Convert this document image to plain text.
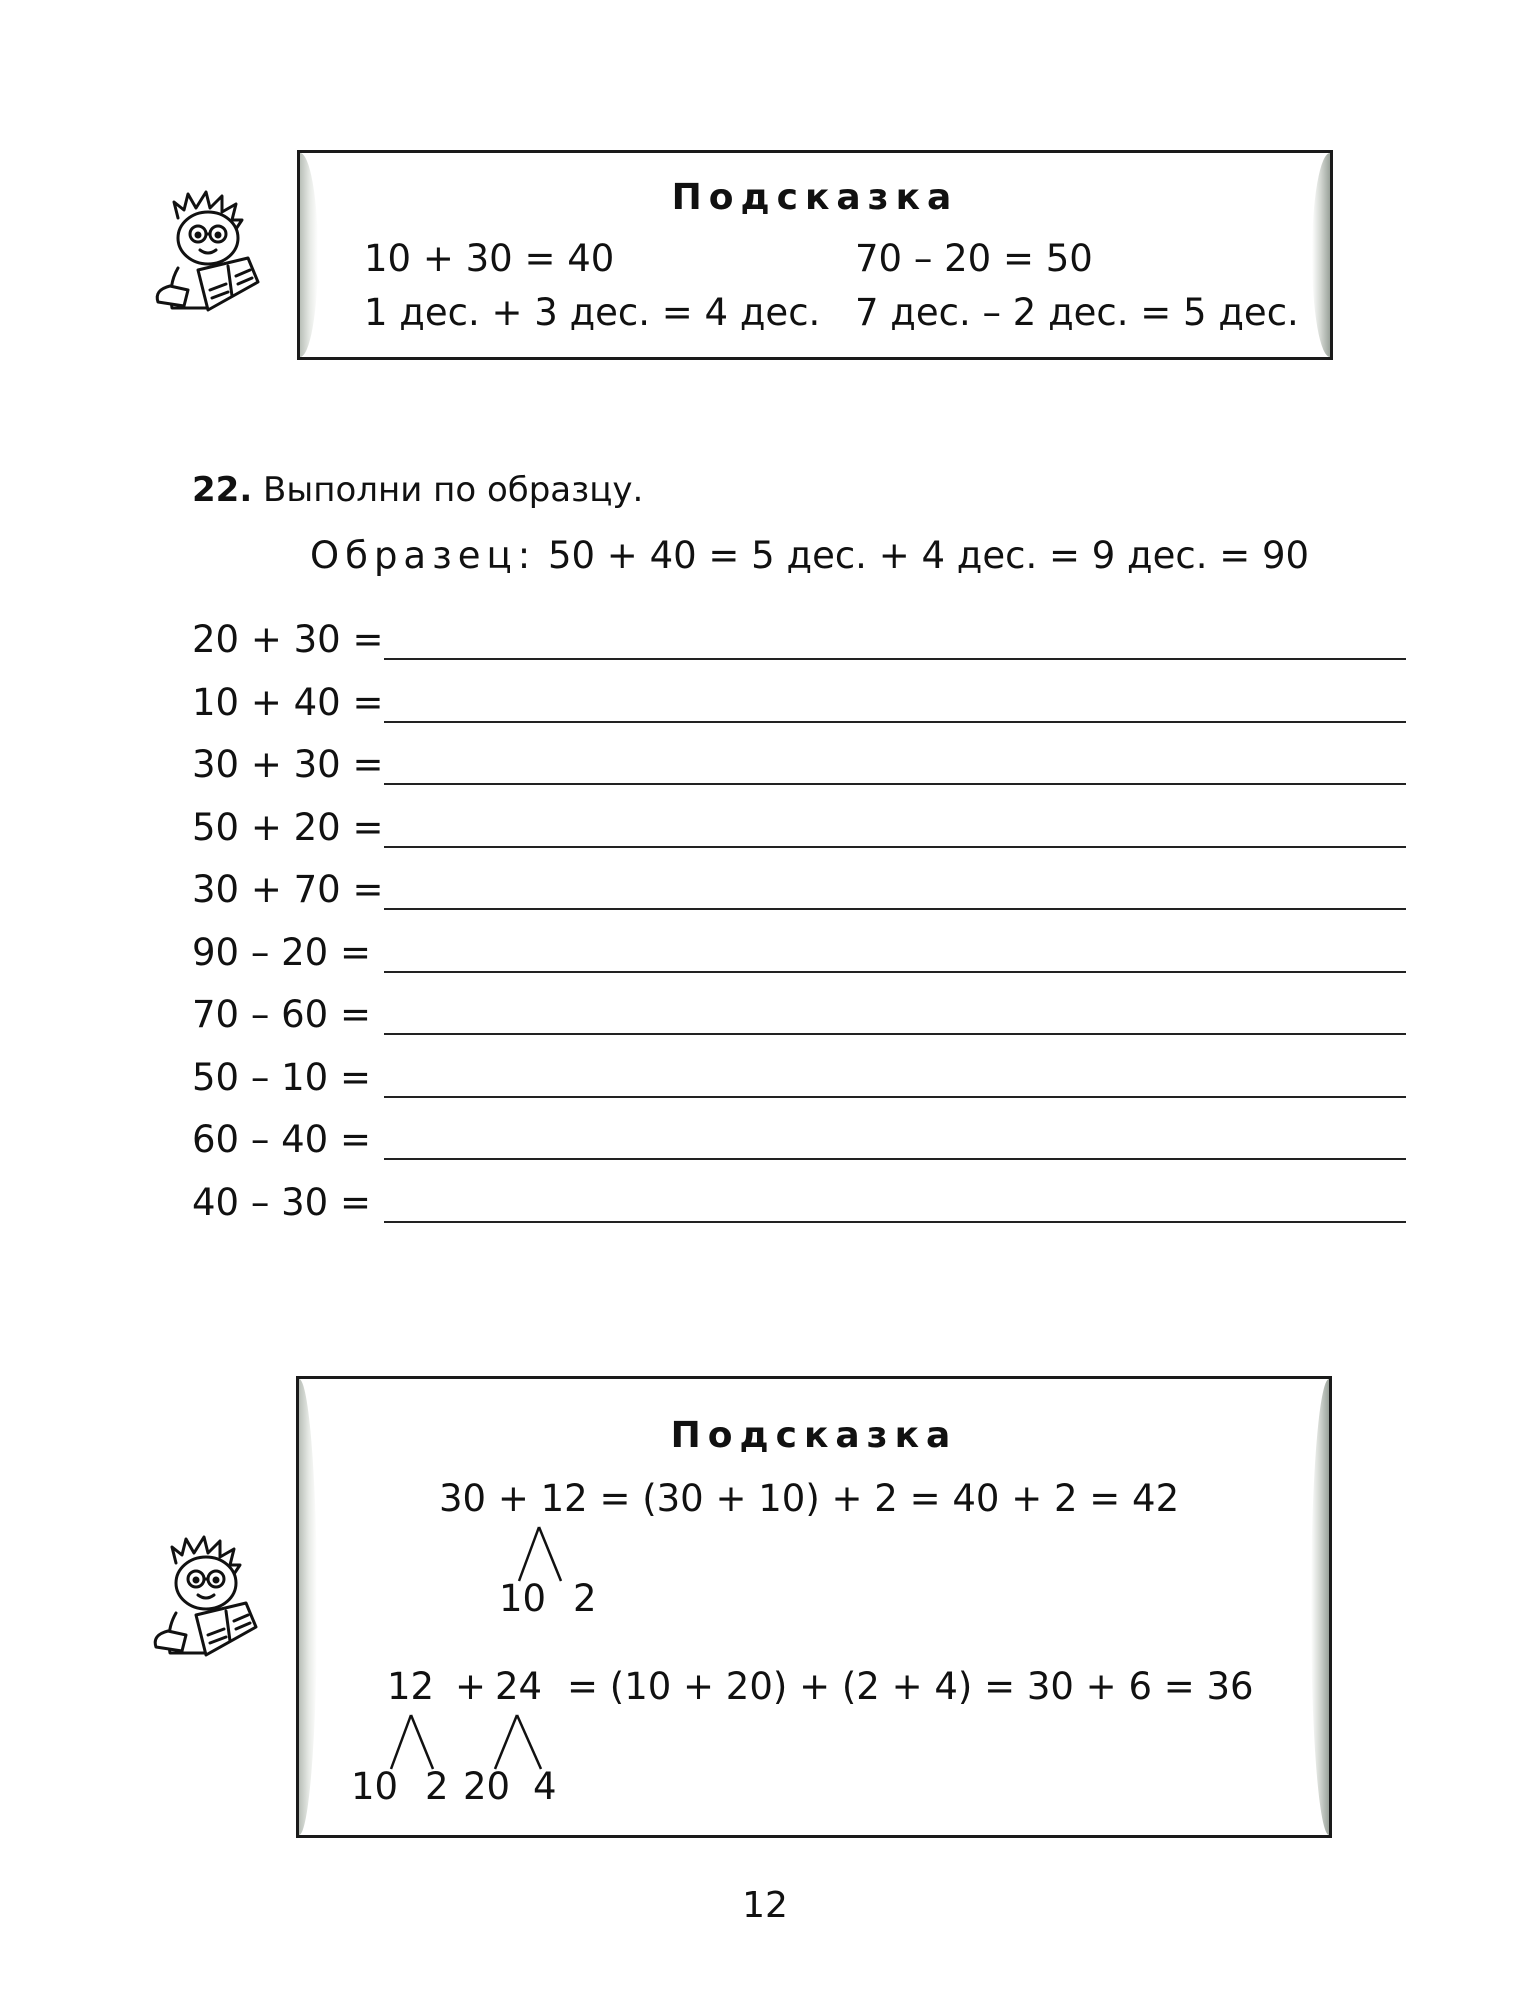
Подсказка
10 + 30 = 40	70 – 20 = 50
1 дес. + 3 дес. = 4 дес. 7 дес. – 2 дес. = 5 дес.
22. Выполни по образцу.
Образец: 50 + 40 = 5 дес. + 4 дес. = 9 дес. = 90
20 + 30 =
10 + 40 =
30 + 30 =
50 + 20 =
30 + 70 =
90 – 20 =
70 – 60 =
50 – 10 =
60 – 40 =
40 – 30 =
Подсказка
30 + 12 = (30 + 10) + 2 = 40 + 2 = 42
10 2
12 + 24 = (10 + 20) + (2 + 4) = 30 + 6 = 36
10 2 20 4
12
